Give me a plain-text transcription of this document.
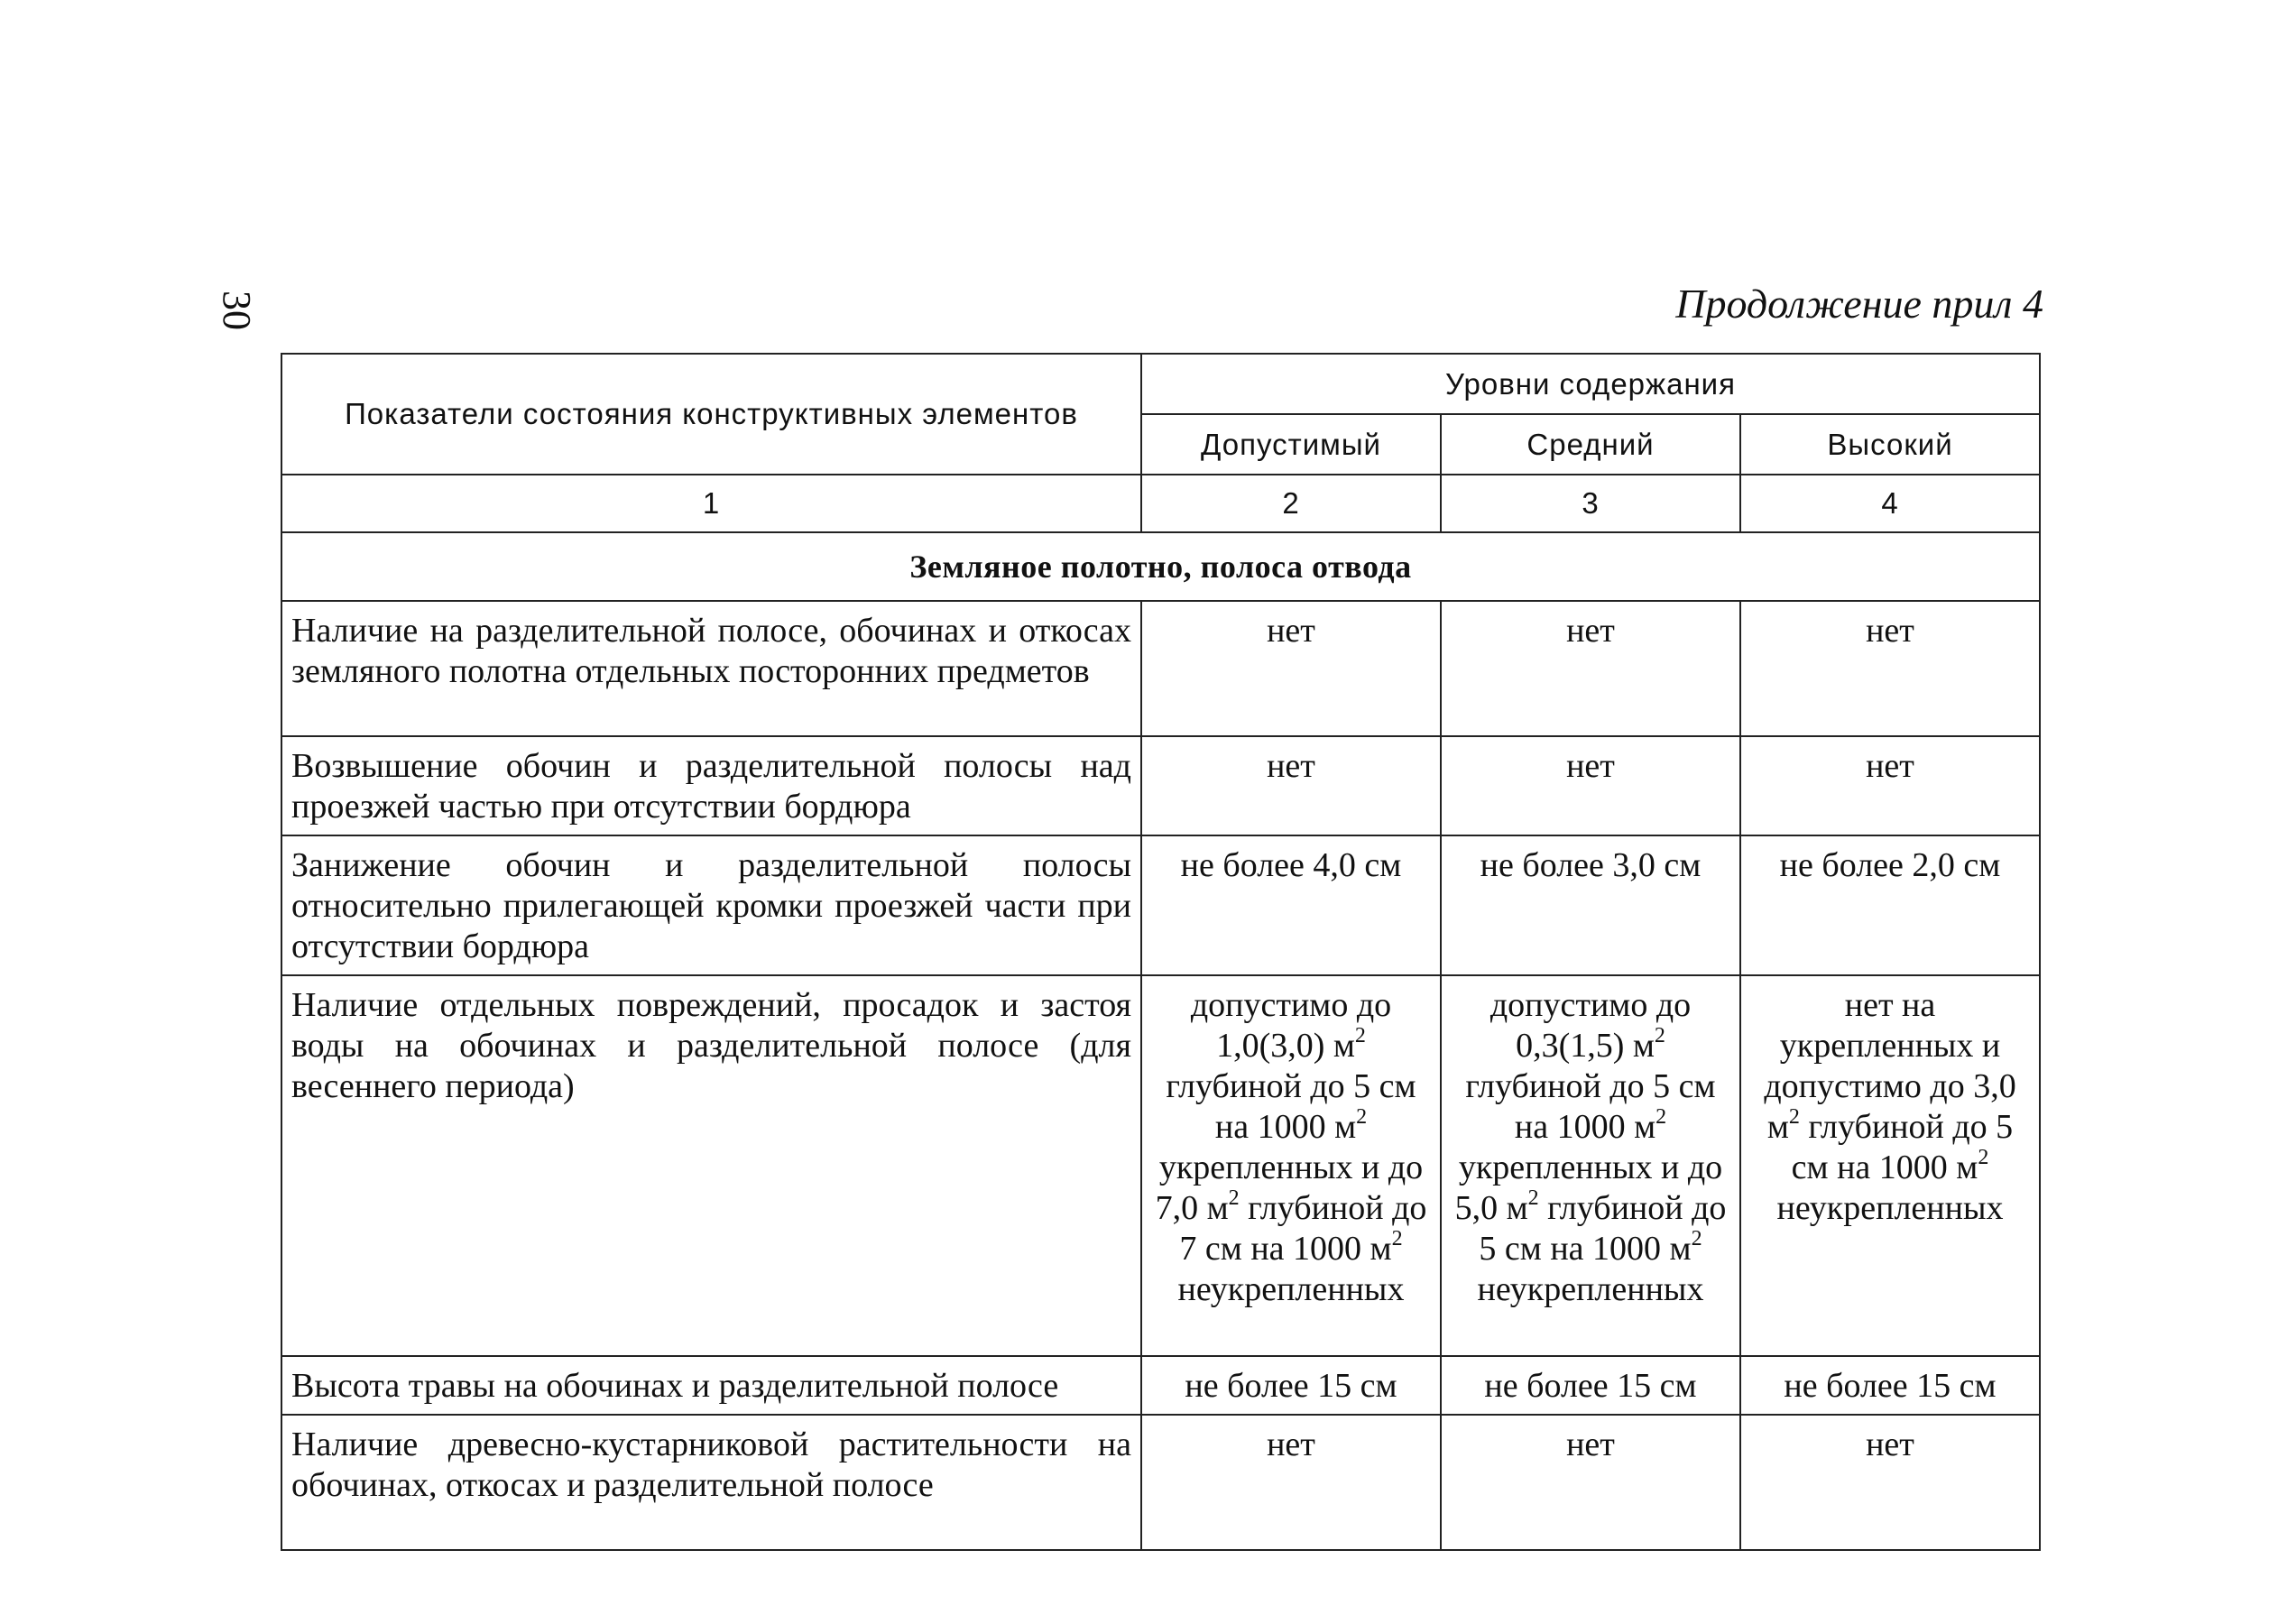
30	Продолжение прил 4
Показатели состояния конструктивных элементов	Уровни содержания		
	Допустимый	Средний	Высокий
1	2	3	4
Земляное полотно, полоса отвода			
Наличие на разделительной полосе, обочинах и откосах земляного полотна отдельных посторонних предметов	нет	нет	нет
Возвышение обочин и разделительной полосы над проезжей частью при отсутствии бордюра	нет	нет	нет
Занижение обочин и разделительной полосы относительно прилегающей кромки проезжей части при отсутствии бордюра	не более 4,0 см	не более 3,0 см	не более 2,0 см
Наличие отдельных повреждений, просадок и застоя воды на обочинах и разделительной полосе (для весеннего периода)	допустимо до 1,0(3,0) $м^2$ глубиной до 5 см на 1000 $м^2$ укрепленных и до 7,0 $м^2$ глубиной до 7 см на 1000 $м^2$ неукрепленных	допустимо до 0,3(1,5) $м^2$ глубиной до 5 см на 1000 $м^2$ укрепленных и до 5,0 $м^2$ глубиной до 5 см на 1000 $м^2$ неукрепленных	нет на укрепленных и допустимо до 3,0 $м^2$ глубиной до 5 см на 1000 $м^2$ неукрепленных
Высота травы на обочинах и разделительной полосе	не более 15 см	не более 15 см	не более 15 см
Наличие древесно-кустарниковой растительности на обочинах, откосах и разделительной полосе	нет	нет	нет
